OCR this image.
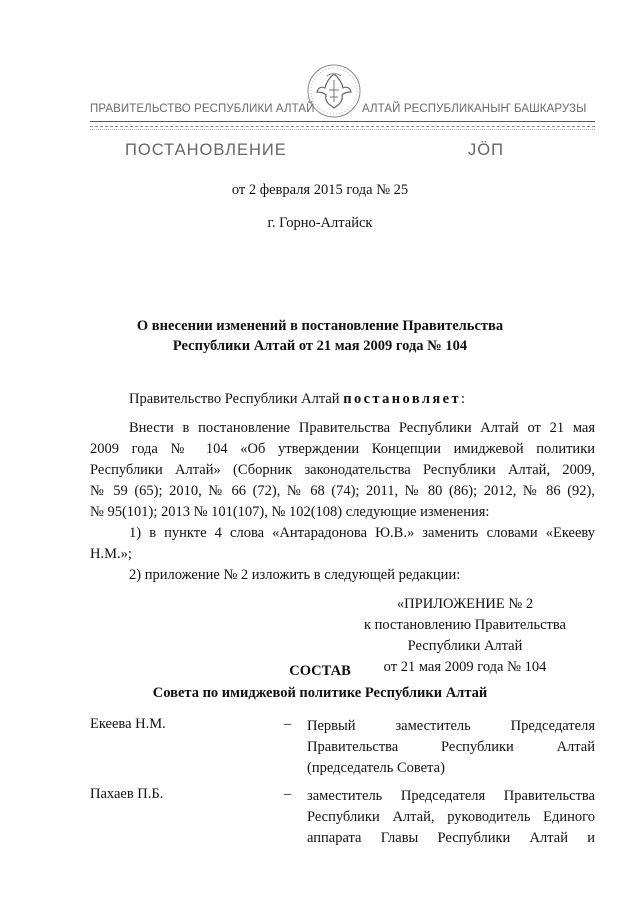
ПРАВИТЕЛЬСТВО РЕСПУБЛИКИ АЛТАЙ	АЛТАЙ РЕСПУБЛИКАНЫҤ БАШКАРУЗЫ
ПОСТАНОВЛЕНИЕ	ЈӦП
от 2 февраля 2015 года № 25
г. Горно-Алтайск
О внесении изменений в постановление Правительства
Республики Алтай от 21 мая 2009 года № 104
Правительство Республики Алтай постановляет:
Внести в постановление Правительства Республики Алтай от 21 мая
2009 года № 104 «Об утверждении Концепции имиджевой политики
Республики Алтай» (Сборник законодательства Республики Алтай, 2009,
№ 59 (65); 2010, № 66 (72), № 68 (74); 2011, № 80 (86); 2012, № 86 (92),
№ 95(101); 2013 № 101(107), № 102(108) следующие изменения:
1) в пункте 4 слова «Антарадонова Ю.В.» заменить словами «Екееву
Н.М.»;
2) приложение № 2 изложить в следующей редакции:
«ПРИЛОЖЕНИЕ № 2
к постановлению Правительства
Республики Алтай
от 21 мая 2009 года № 104
СОСТАВ
Совета по имиджевой политике Республики Алтай
Екеева Н.М.	– Первый заместитель Председателя
Правительства Республики Алтай
(председатель Совета)
Пахаев П.Б.	– заместитель Председателя Правительства
Республики Алтай, руководитель Единого
аппарата Главы Республики Алтай и
